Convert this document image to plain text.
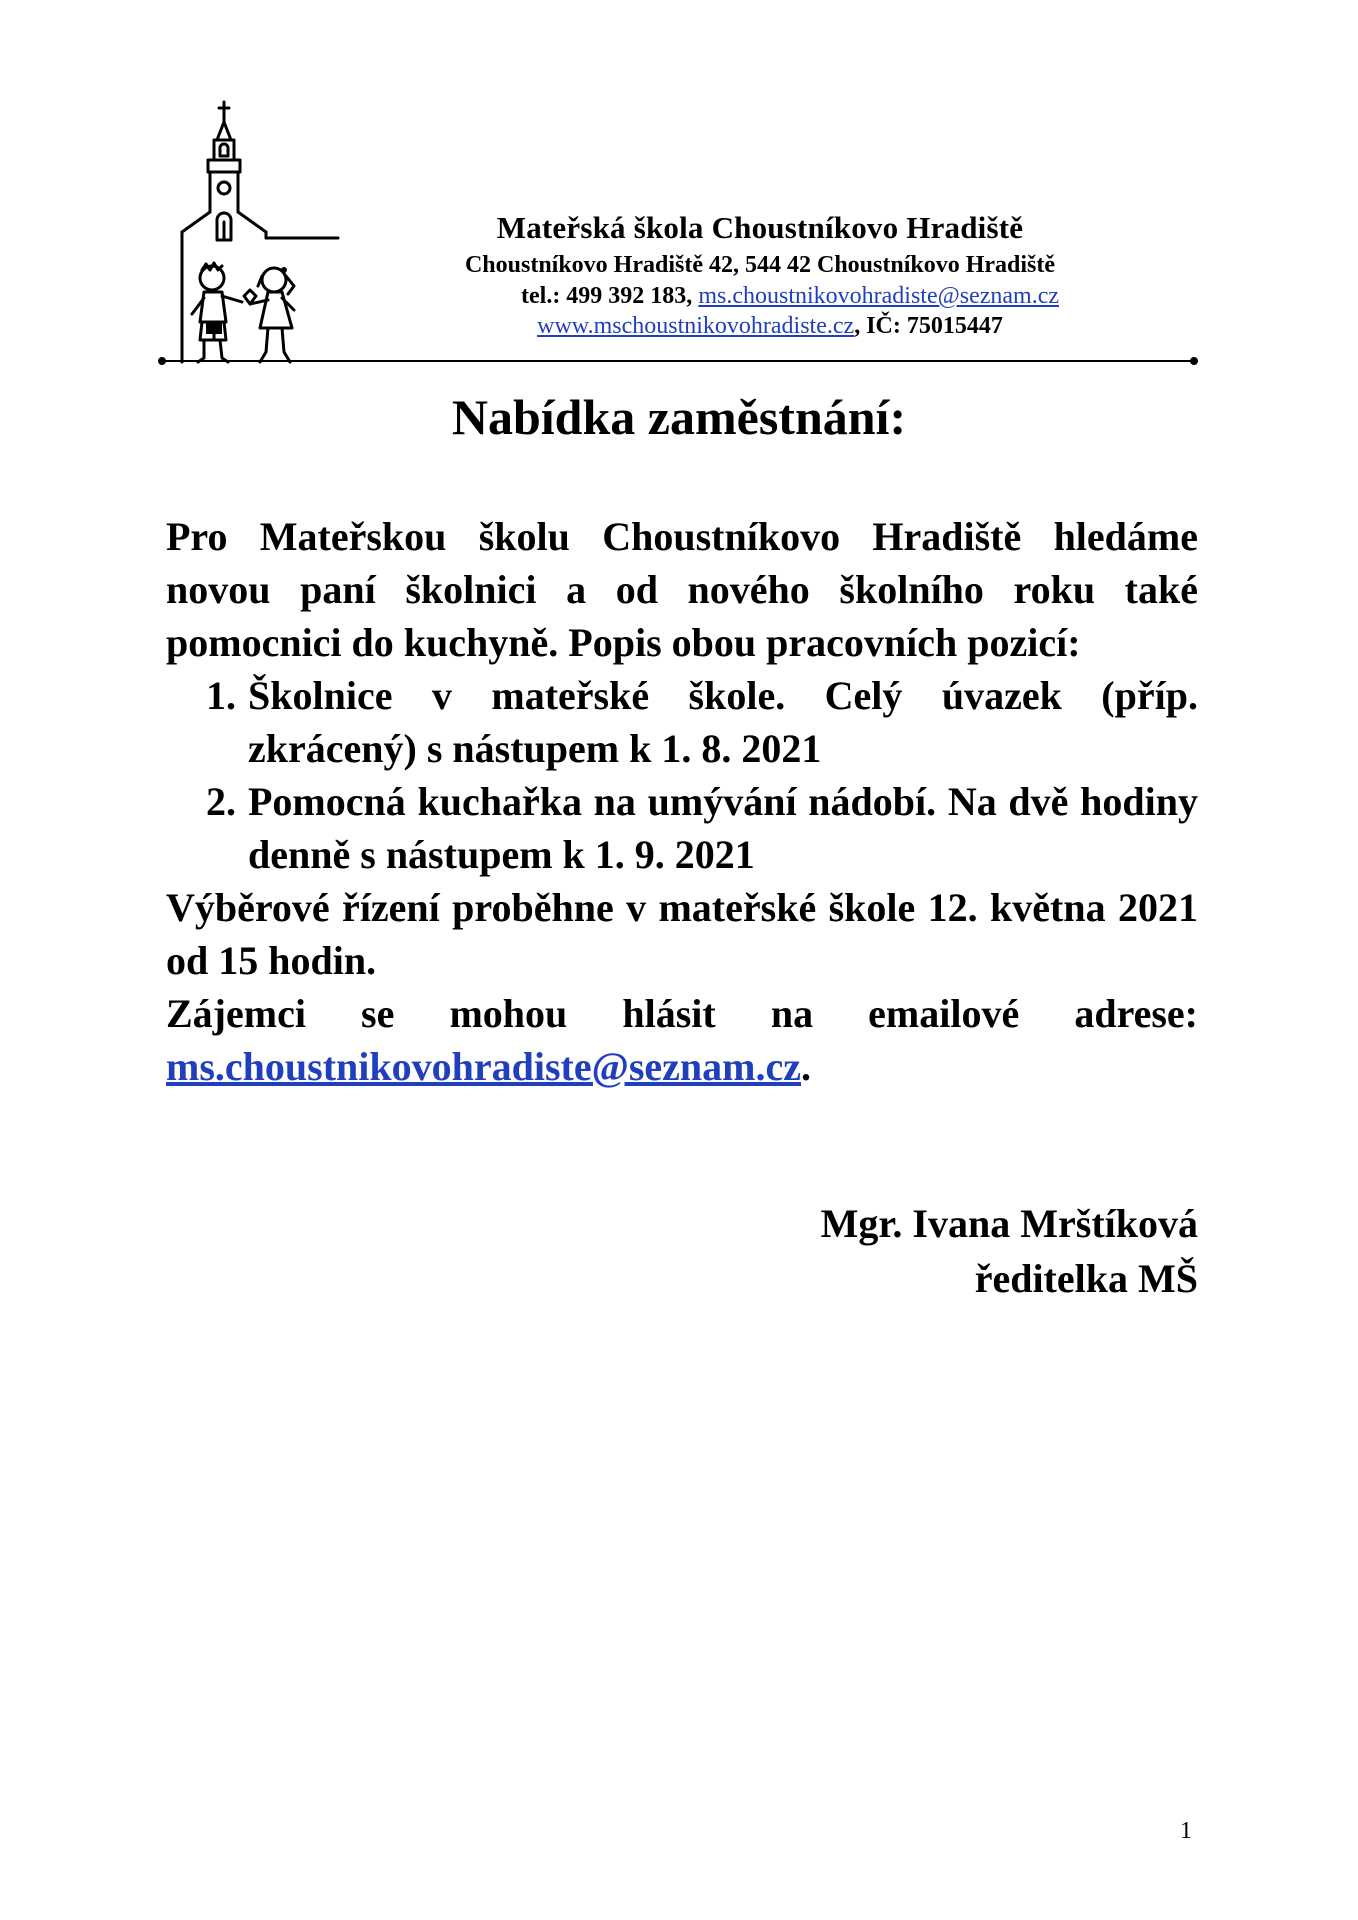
Mateřská škola Choustníkovo Hradiště
Choustníkovo Hradiště 42, 544 42 Choustníkovo Hradiště
tel.: 499 392 183, ms.choustnikovohradiste@seznam.cz
www.mschoustnikovohradiste.cz, IČ: 75015447
Nabídka zaměstnání:

Pro Mateřskou školu Choustníkovo Hradiště hledáme novou paní školnici a od nového školního roku také pomocnici do kuchyně. Popis obou pracovních pozicí:

1. Školnice v mateřské škole. Celý úvazek (příp. zkrácený) s nástupem k 1. 8. 2021
2. Pomocná kuchařka na umývání nádobí. Na dvě hodiny denně s nástupem k 1. 9. 2021

Výběrové řízení proběhne v mateřské škole 12. května 2021 od 15 hodin.

Zájemci se mohou hlásit na emailové adrese: ms.choustnikovohradiste@seznam.cz.

Mgr. Ivana Mrštíková
ředitelka MŠ
1
